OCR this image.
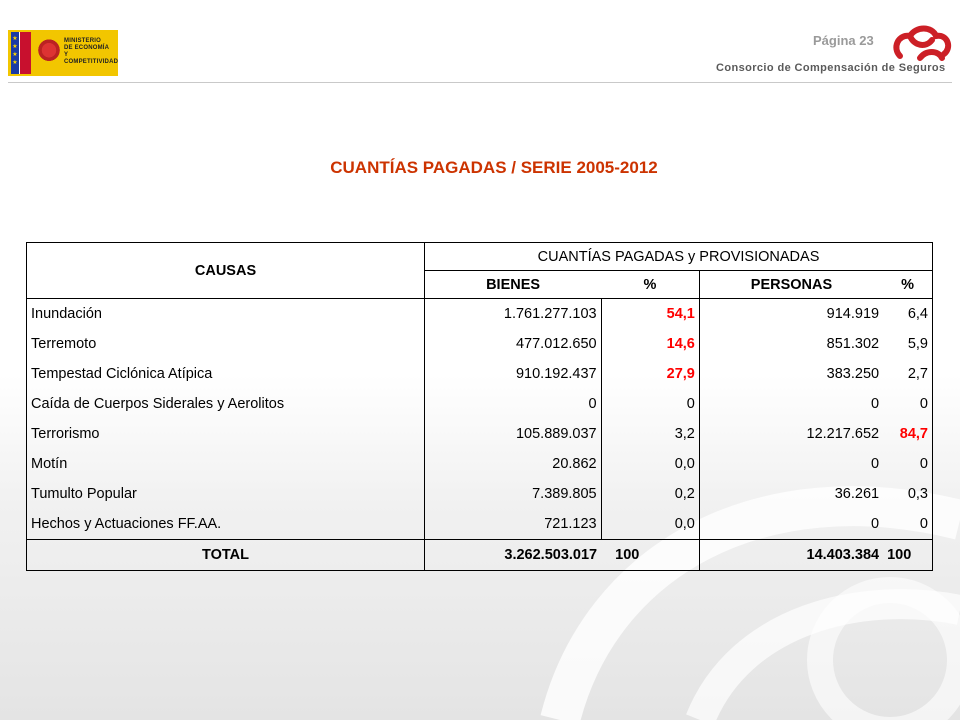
★
★
★
★
MINISTERIO
DE ECONOMÍA
Y COMPETITIVIDAD
Página 23
Consorcio de Compensación de Seguros
CUANTÍAS PAGADAS / SERIE 2005-2012
CAUSAS	CUANTÍAS PAGADAS y PROVISIONADAS			
	BIENES	%	PERSONAS	%
Inundación	1.761.277.103	54,1	914.919	6,4
Terremoto	477.012.650	14,6	851.302	5,9
Tempestad Ciclónica Atípica	910.192.437	27,9	383.250	2,7
Caída de Cuerpos Siderales y Aerolitos	0	0	0	0
Terrorismo	105.889.037	3,2	12.217.652	84,7
Motín	20.862	0,0	0	0
Tumulto Popular	7.389.805	0,2	36.261	0,3
Hechos y Actuaciones FF.AA.	721.123	0,0	0	0
TOTAL	3.262.503.017	100	14.403.384	100
